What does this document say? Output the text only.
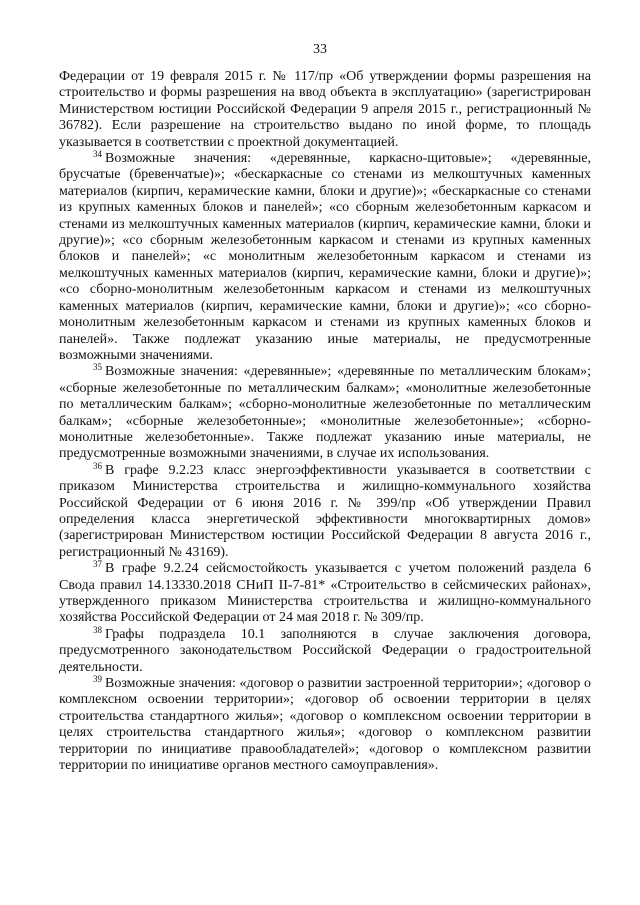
33

Федерации от 19 февраля 2015 г. № 117/пр «Об утверждении формы разрешения на строительство и формы разрешения на ввод объекта в эксплуатацию» (зарегистрирован Министерством юстиции Российской Федерации 9 апреля 2015 г., регистрационный № 36782). Если разрешение на строительство выдано по иной форме, то площадь указывается в соответствии с проектной документацией.

$^{34}$ Возможные значения: «деревянные, каркасно-щитовые»; «деревянные, брусчатые (бревенчатые)»; «бескаркасные со стенами из мелкоштучных каменных материалов (кирпич, керамические камни, блоки и другие)»; «бескаркасные со стенами из крупных каменных блоков и панелей»; «со сборным железобетонным каркасом и стенами из мелкоштучных каменных материалов (кирпич, керамические камни, блоки и другие)»; «со сборным железобетонным каркасом и стенами из крупных каменных блоков и панелей»; «с монолитным железобетонным каркасом и стенами из мелкоштучных каменных материалов (кирпич, керамические камни, блоки и другие)»; «со сборно-монолитным железобетонным каркасом и стенами из мелкоштучных каменных материалов (кирпич, керамические камни, блоки и другие)»; «со сборно-монолитным железобетонным каркасом и стенами из крупных каменных блоков и панелей». Также подлежат указанию иные материалы, не предусмотренные возможными значениями.

$^{35}$ Возможные значения: «деревянные»; «деревянные по металлическим блокам»; «сборные железобетонные по металлическим балкам»; «монолитные железобетонные по металлическим балкам»; «сборно-монолитные железобетонные по металлическим балкам»; «сборные железобетонные»; «монолитные железобетонные»; «сборно-монолитные железобетонные». Также подлежат указанию иные материалы, не предусмотренные возможными значениями, в случае их использования.

$^{36}$ В графе 9.2.23 класс энергоэффективности указывается в соответствии с приказом Министерства строительства и жилищно-коммунального хозяйства Российской Федерации от 6 июня 2016 г. № 399/пр «Об утверждении Правил определения класса энергетической эффективности многоквартирных домов» (зарегистрирован Министерством юстиции Российской Федерации 8 августа 2016 г., регистрационный № 43169).

$^{37}$ В графе 9.2.24 сейсмостойкость указывается с учетом положений раздела 6 Свода правил 14.13330.2018 СНиП II-7-81* «Строительство в сейсмических районах», утвержденного приказом Министерства строительства и жилищно-коммунального хозяйства Российской Федерации от 24 мая 2018 г. № 309/пр.

$^{38}$ Графы подраздела 10.1 заполняются в случае заключения договора, предусмотренного законодательством Российской Федерации о градостроительной деятельности.

$^{39}$ Возможные значения: «договор о развитии застроенной территории»; «договор о комплексном освоении территории»; «договор об освоении территории в целях строительства стандартного жилья»; «договор о комплексном освоении территории в целях строительства стандартного жилья»; «договор о комплексном развитии территории по инициативе правообладателей»; «договор о комплексном развитии территории по инициативе органов местного самоуправления».
